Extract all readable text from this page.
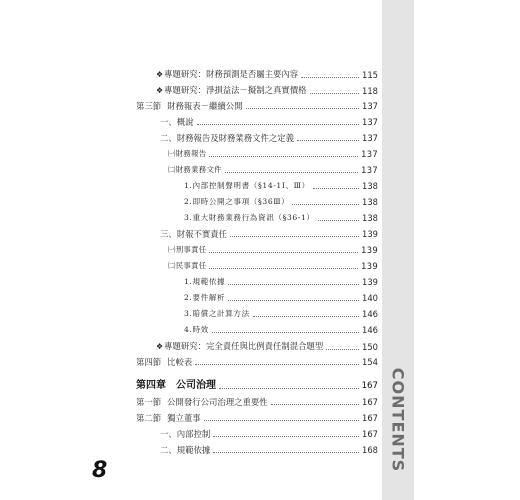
❖專題研究：財務預測是否屬主要內容	115
❖專題研究：淨損益法－擬制之真實價格	118
第三節 財務報表－繼續公開	137
一、概說	137
二、財務報告及財務業務文件之定義	137
㈠財務報告	137
㈡財務業務文件	137
1.內部控制聲明書（§14-1Ⅰ、Ⅲ）	138
2.即時公開之事項（§36Ⅲ）	138
3.重大財務業務行為資訊（§36-1）	138
三、財報不實責任	139
㈠刑事責任	139
㈡民事責任	139
1.規範依據	139
2.要件解析	140
3.賠償之計算方法	146
4.時效	146
❖專題研究：完全責任與比例責任制混合題型	150
第四節 比較表	154
第四章　公司治理	167
第一節 公開發行公司治理之重要性	167
第二節 獨立董事	167
一、內部控制	167
二、規範依據	168 CONTENTS
8
